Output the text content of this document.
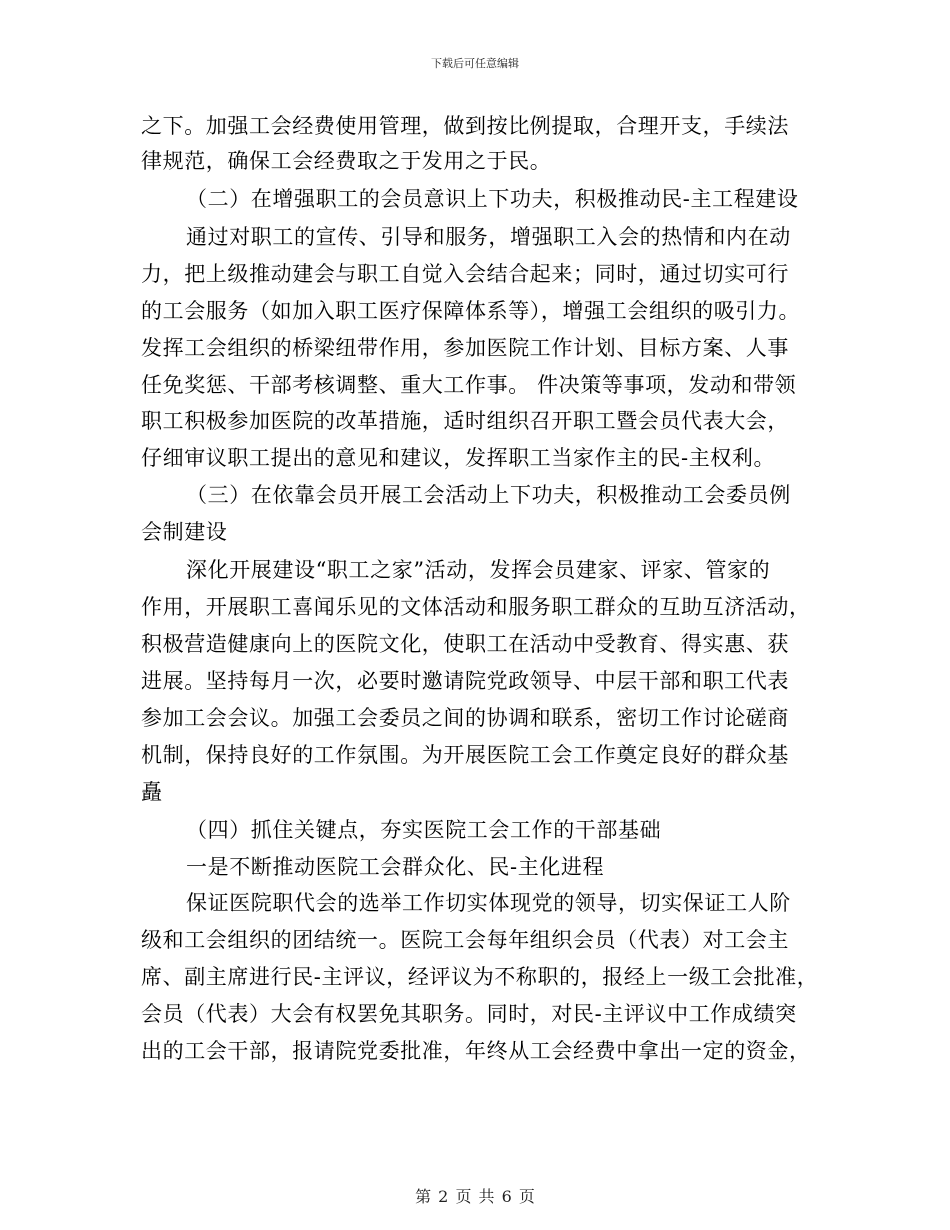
下载后可任意编辑
之下。加强工会经费使用管理，做到按比例提取，合理开支，手续法
律规范，确保工会经费取之于发用之于民。
（二）在增强职工的会员意识上下功夫，积极推动民-主工程建设
通过对职工的宣传、引导和服务，增强职工入会的热情和内在动
力，把上级推动建会与职工自觉入会结合起来；同时，通过切实可行
的工会服务（如加入职工医疗保障体系等），增强工会组织的吸引力。
发挥工会组织的桥梁纽带作用，参加医院工作计划、目标方案、人事
任免奖惩、干部考核调整、重大工作事。 件决策等事项，发动和带领
职工积极参加医院的改革措施，适时组织召开职工暨会员代表大会，
仔细审议职工提出的意见和建议，发挥职工当家作主的民-主权利。
（三）在依靠会员开展工会活动上下功夫，积极推动工会委员例
会制建设
深化开展建设“职工之家”活动，发挥会员建家、评家、管家的
作用，开展职工喜闻乐见的文体活动和服务职工群众的互助互济活动，
积极营造健康向上的医院文化，使职工在活动中受教育、得实惠、获
进展。坚持每月一次，必要时邀请院党政领导、中层干部和职工代表
参加工会会议。加强工会委员之间的协调和联系，密切工作讨论磋商
机制，保持良好的工作氛围。为开展医院工会工作奠定良好的群众基
矗
（四）抓住关键点，夯实医院工会工作的干部基础
一是不断推动医院工会群众化、民-主化进程
保证医院职代会的选举工作切实体现党的领导，切实保证工人阶
级和工会组织的团结统一。医院工会每年组织会员（代表）对工会主
席、副主席进行民-主评议，经评议为不称职的，报经上一级工会批准，
会员（代表）大会有权罢免其职务。同时，对民-主评议中工作成绩突
出的工会干部，报请院党委批准，年终从工会经费中拿出一定的资金，
第 2 页 共 6 页
